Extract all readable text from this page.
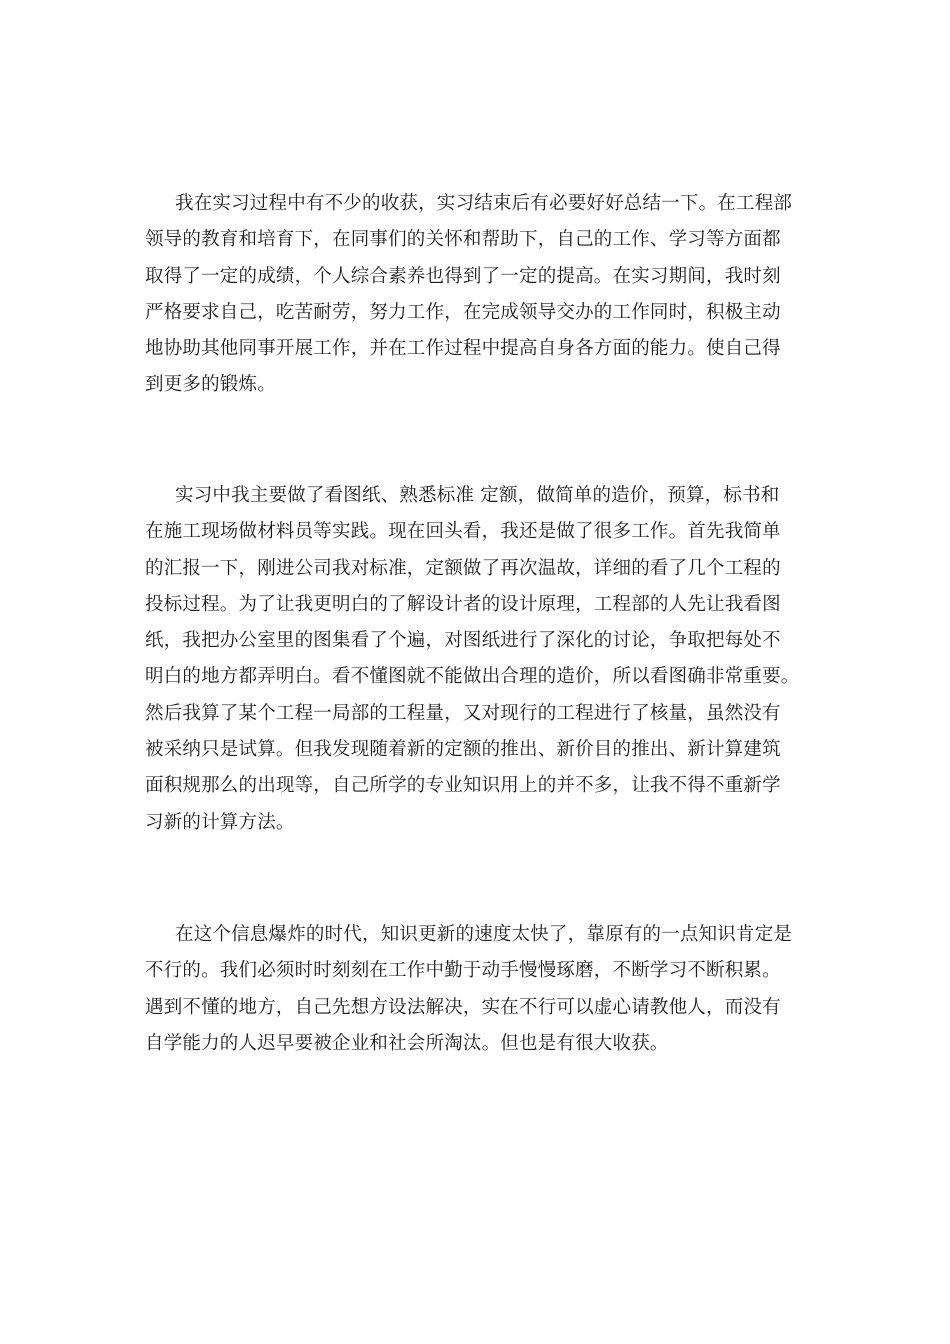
我在实习过程中有不少的收获，实习结束后有必要好好总结一下。在工程部
领导的教育和培育下，在同事们的关怀和帮助下，自己的工作、学习等方面都
取得了一定的成绩，个人综合素养也得到了一定的提高。在实习期间，我时刻
严格要求自己，吃苦耐劳，努力工作，在完成领导交办的工作同时，积极主动
地协助其他同事开展工作，并在工作过程中提高自身各方面的能力。使自己得
到更多的锻炼。
实习中我主要做了看图纸、熟悉标准 定额，做简单的造价，预算，标书和
在施工现场做材料员等实践。现在回头看，我还是做了很多工作。首先我简单
的汇报一下，刚进公司我对标准，定额做了再次温故，详细的看了几个工程的
投标过程。为了让我更明白的了解设计者的设计原理，工程部的人先让我看图
纸，我把办公室里的图集看了个遍，对图纸进行了深化的讨论，争取把每处不
明白的地方都弄明白。看不懂图就不能做出合理的造价，所以看图确非常重要。
然后我算了某个工程一局部的工程量，又对现行的工程进行了核量，虽然没有
被采纳只是试算。但我发现随着新的定额的推出、新价目的推出、新计算建筑
面积规那么的出现等，自己所学的专业知识用上的并不多，让我不得不重新学
习新的计算方法。
在这个信息爆炸的时代，知识更新的速度太快了，靠原有的一点知识肯定是
不行的。我们必须时时刻刻在工作中勤于动手慢慢琢磨，不断学习不断积累。
遇到不懂的地方，自己先想方设法解决，实在不行可以虚心请教他人，而没有
自学能力的人迟早要被企业和社会所淘汰。但也是有很大收获。
